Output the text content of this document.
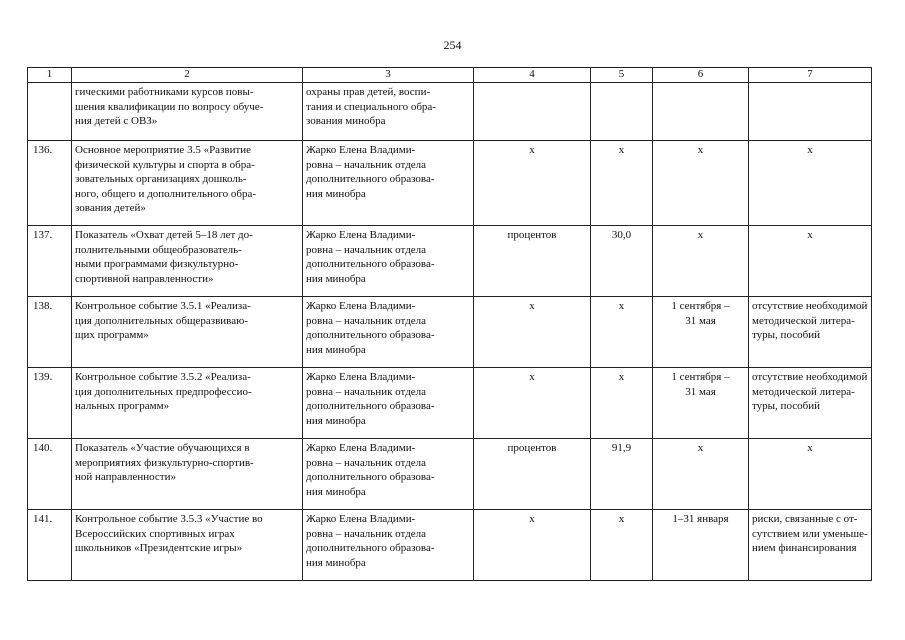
254
1	2	3	4	5	6	7

	гическими работниками курсов повы-
шения квалификации по вопросу обуче-
ния детей с ОВЗ»	охраны прав детей, воспи-
тания и специального обра-
зования минобра				

136.	Основное мероприятие 3.5 «Развитие
физической культуры и спорта в обра-
зовательных организациях дошколь-
ного, общего и дополнительного обра-
зования детей»	Жарко Елена Владими-
ровна – начальник отдела
дополнительного образова-
ния минобра	x	x	x	x

137.	Показатель «Охват детей 5–18 лет до-
полнительными общеобразователь-
ными программами физкультурно-
спортивной направленности»	Жарко Елена Владими-
ровна – начальник отдела
дополнительного образова-
ния минобра	процентов	30,0	x	x

138.	Контрольное событие 3.5.1 «Реализа-
ция дополнительных общеразвиваю-
щих программ»	Жарко Елена Владими-
ровна – начальник отдела
дополнительного образова-
ния минобра	x	x	1 сентября –
31 мая	отсутствие необходимой
методической литера-
туры, пособий

139.	Контрольное событие 3.5.2 «Реализа-
ция дополнительных предпрофессио-
нальных программ»	Жарко Елена Владими-
ровна – начальник отдела
дополнительного образова-
ния минобра	x	x	1 сентября –
31 мая	отсутствие необходимой
методической литера-
туры, пособий

140.	Показатель «Участие обучающихся в
мероприятиях физкультурно-спортив-
ной направленности»	Жарко Елена Владими-
ровна – начальник отдела
дополнительного образова-
ния минобра	процентов	91,9	x	x

141.	Контрольное событие 3.5.3 «Участие во
Всероссийских спортивных играх
школьников «Президентские игры»	Жарко Елена Владими-
ровна – начальник отдела
дополнительного образова-
ния минобра	x	x	1–31 января	риски, связанные с от-
сутствием или уменьше-
нием финансирования
